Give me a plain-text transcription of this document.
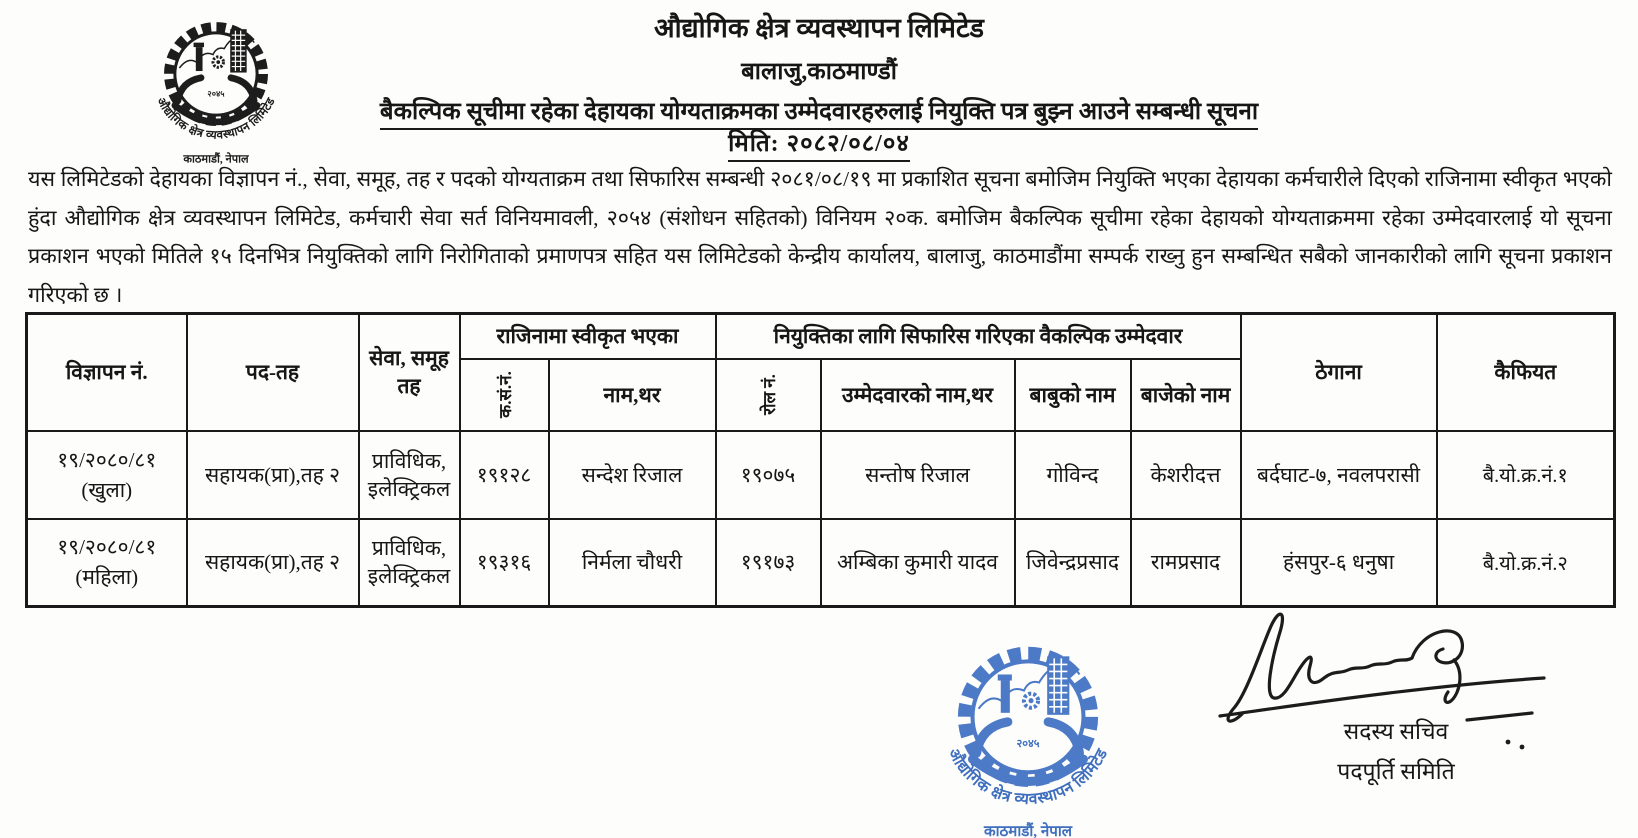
२०४५
औद्योगिक क्षेत्र व्यवस्थापन लिमिटेड
काठमाडौं, नेपाल
औद्योगिक क्षेत्र व्यवस्थापन लिमिटेड
बालाजु,काठमाण्डौं
बैकल्पिक सूचीमा रहेका देहायका योग्यताक्रमका उम्मेदवारहरुलाई नियुक्ति पत्र बुझ्न आउने सम्बन्धी सूचना
मिति: २०८२/०८/०४

यस लिमिटेडको देहायका विज्ञापन नं., सेवा, समूह, तह र पदको योग्यताक्रम तथा सिफारिस सम्बन्धी २०८१/०८/१९ मा प्रकाशित सूचना बमोजिम नियुक्ति भएका देहायका कर्मचारीले दिएको राजिनामा स्वीकृत भएको हुंदा औद्योगिक क्षेत्र व्यवस्थापन लिमिटेड, कर्मचारी सेवा सर्त विनियमावली, २०५४ (संशोधन सहितको) विनियम २०क. बमोजिम बैकल्पिक सूचीमा रहेका देहायको योग्यताक्रममा रहेका उम्मेदवारलाई यो सूचना प्रकाशन भएको मितिले १५ दिनभित्र नियुक्तिको लागि निरोगिताको प्रमाणपत्र सहित यस लिमिटेडको केन्द्रीय कार्यालय, बालाजु, काठमाडौंमा सम्पर्क राख्नु हुन सम्बन्धित सबैको जानकारीको लागि सूचना प्रकाशन गरिएको छ ।

विज्ञापन नं.	पद-तह	सेवा, समूह तह	राजिनामा स्वीकृत भएका		नियुक्तिका लागि सिफारिस गरिएका वैकल्पिक उम्मेदवार				ठेगाना	कैफियत
			क.सं.नं.	नाम,थर	रोल नं.	उम्मेदवारको नाम,थर	बाबुको नाम	बाजेको नाम		
१९/२०८०/८१
(खुला)	सहायक(प्रा),तह २	प्राविधिक, इलेक्ट्रिकल	१९१२८	सन्देश रिजाल	१९०७५	सन्तोष रिजाल	गोविन्द	केशरीदत्त	बर्दघाट-७, नवलपरासी	बै.यो.क्र.नं.१
१९/२०८०/८१
(महिला)	सहायक(प्रा),तह २	प्राविधिक, इलेक्ट्रिकल	१९३१६	निर्मला चौधरी	१९१७३	अम्बिका कुमारी यादव	जिवेन्द्रप्रसाद	रामप्रसाद	हंसपुर-६ धनुषा	बै.यो.क्र.नं.२
२०४५
औद्योगिक क्षेत्र व्यवस्थापन लिमिटेड
काठमाडौं, नेपाल
सदस्य सचिव
पदपूर्ति समिति
